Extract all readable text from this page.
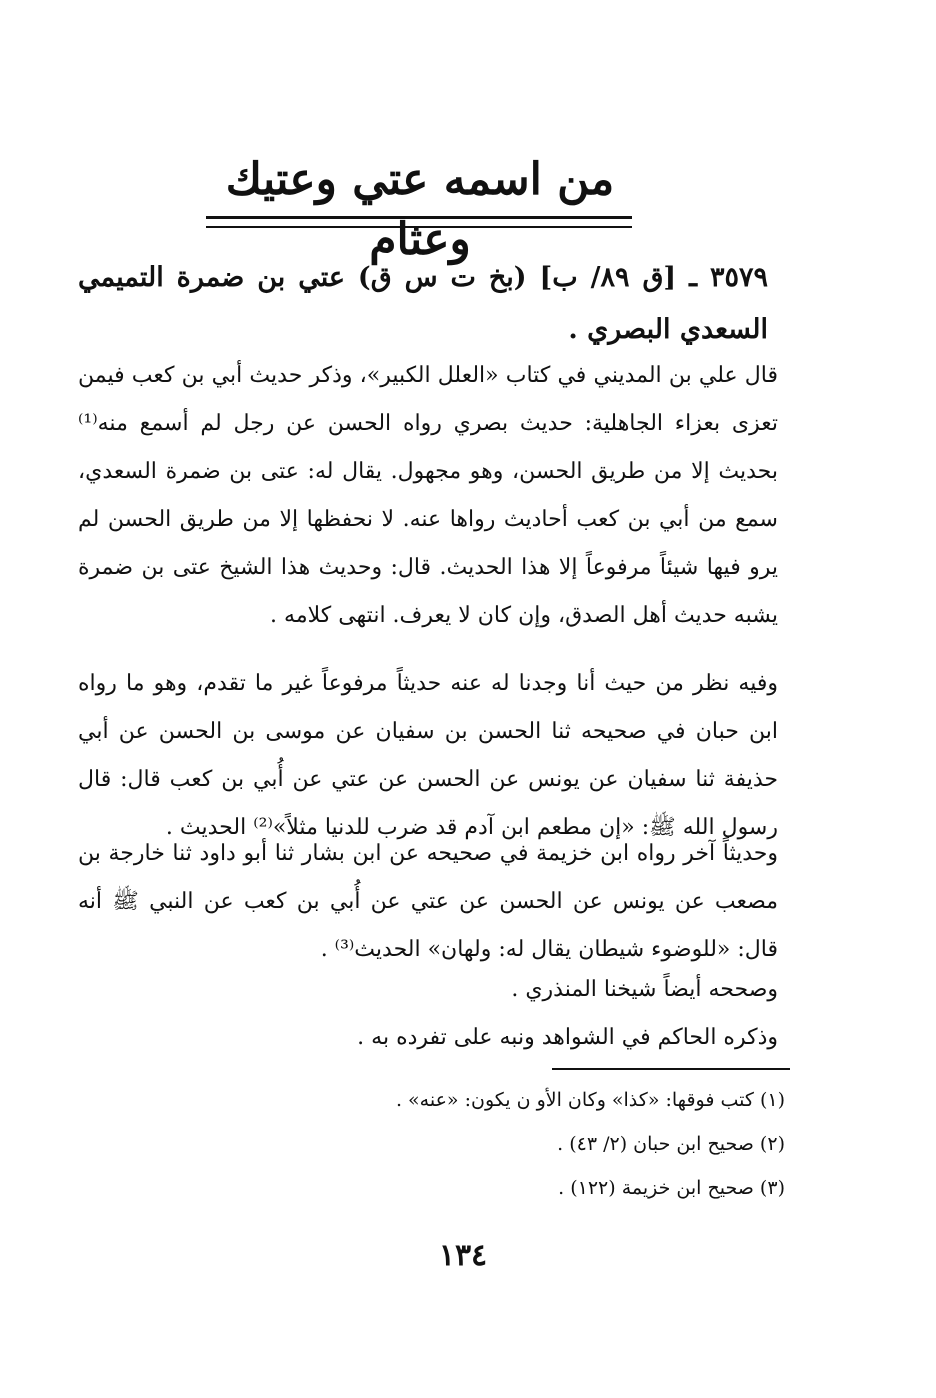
من اسمه عتي وعتيك وعثام
٣٥٧٩ ـ [ق ٨٩/ ب] (بخ ت س ق) عتي بن ضمرة التميمي السعدي البصري .
قال علي بن المديني في كتاب «العلل الكبير»، وذكر حديث أبي بن كعب فيمن تعزى بعزاء الجاهلية: حديث بصري رواه الحسن عن رجل لم أسمع منه⁽¹⁾ بحديث إلا من طريق الحسن، وهو مجهول. يقال له: عتى بن ضمرة السعدي، سمع من أبي بن كعب أحاديث رواها عنه. لا نحفظها إلا من طريق الحسن لم يرو فيها شيئاً مرفوعاً إلا هذا الحديث. قال: وحديث هذا الشيخ عتى بن ضمرة يشبه حديث أهل الصدق، وإن كان لا يعرف. انتهى كلامه .
وفيه نظر من حيث أنا وجدنا له عنه حديثاً مرفوعاً غير ما تقدم، وهو ما رواه ابن حبان في صحيحه ثنا الحسن بن سفيان عن موسى بن الحسن عن أبي حذيفة ثنا سفيان عن يونس عن الحسن عن عتي عن أُبي بن كعب قال: قال رسول الله ﷺ: «إن مطعم ابن آدم قد ضرب للدنيا مثلاً»⁽²⁾ الحديث .
وحديثاً آخر رواه ابن خزيمة في صحيحه عن ابن بشار ثنا أبو داود ثنا خارجة بن مصعب عن يونس عن الحسن عن عتي عن أُبي بن كعب عن النبي ﷺ أنه قال: «للوضوء شيطان يقال له: ولهان» الحديث⁽³⁾ .
وصححه أيضاً شيخنا المنذري .
وذكره الحاكم في الشواهد ونبه على تفرده به .
(١) كتب فوقها: «كذا» وكان الأو ن يكون: «عنه» .
(٢) صحيح ابن حبان (٢/ ٤٣) .
(٣) صحيح ابن خزيمة (١٢٢) .
١٣٤
